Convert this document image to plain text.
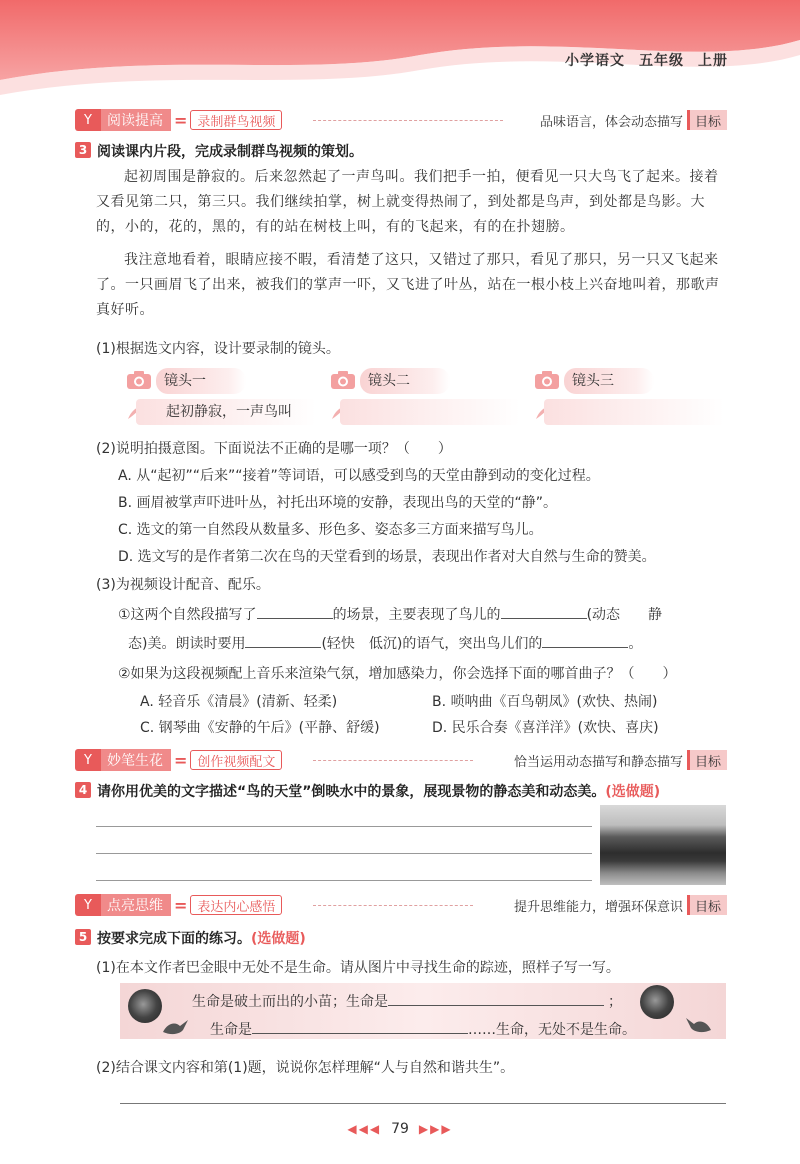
小学语文 五年级 上册
Y	阅读提高 = 录制群鸟视频	品味语言，体会动态描写 目标
3 阅读课内片段，完成录制群鸟视频的策划。
起初周围是静寂的。后来忽然起了一声鸟叫。我们把手一拍，便看见一只大鸟飞了起来。接着又看见第二只，第三只。我们继续拍掌，树上就变得热闹了，到处都是鸟声，到处都是鸟影。大的，小的，花的，黑的，有的站在树枝上叫，有的飞起来，有的在扑翅膀。
我注意地看着，眼睛应接不暇，看清楚了这只，又错过了那只，看见了那只，另一只又飞起来了。一只画眉飞了出来，被我们的掌声一吓，又飞进了叶丛，站在一根小枝上兴奋地叫着，那歌声真好听。
(1)根据选文内容，设计要录制的镜头。
镜头一	镜头二	镜头三
起初静寂，一声鸟叫
(2)说明拍摄意图。下面说法不正确的是哪一项？（　　）
A. 从“起初”“后来”“接着”等词语，可以感受到鸟的天堂由静到动的变化过程。
B. 画眉被掌声吓进叶丛，衬托出环境的安静，表现出鸟的天堂的“静”。
C. 选文的第一自然段从数量多、形色多、姿态多三方面来描写鸟儿。
D. 选文写的是作者第二次在鸟的天堂看到的场景，表现出作者对大自然与生命的赞美。
(3)为视频设计配音、配乐。
①这两个自然段描写了	的场景，主要表现了鸟儿的	(动态　　静
态)美。朗读时要用	(轻快　低沉)的语气，突出鸟儿们的	。
②如果为这段视频配上音乐来渲染气氛，增加感染力，你会选择下面的哪首曲子？（　　）
A. 轻音乐《清晨》(清新、轻柔)	B. 唢呐曲《百鸟朝凤》(欢快、热闹)
C. 钢琴曲《安静的午后》(平静、舒缓)	D. 民乐合奏《喜洋洋》(欢快、喜庆)
Y	妙笔生花 = 创作视频配文	恰当运用动态描写和静态描写 目标
4 请你用优美的文字描述“鸟的天堂”倒映水中的景象，展现景物的静态美和动态美。(选做题)
Y	点亮思维 = 表达内心感悟	提升思维能力，增强环保意识 目标
5 按要求完成下面的练习。(选做题)
(1)在本文作者巴金眼中无处不是生命。请从图片中寻找生命的踪迹，照样子写一写。
生命是破土而出的小苗；生命是	；
生命是	……生命，无处不是生命。
(2)结合课文内容和第(1)题，说说你怎样理解“人与自然和谐共生”。
◀◀◀ 79 ▶▶▶
